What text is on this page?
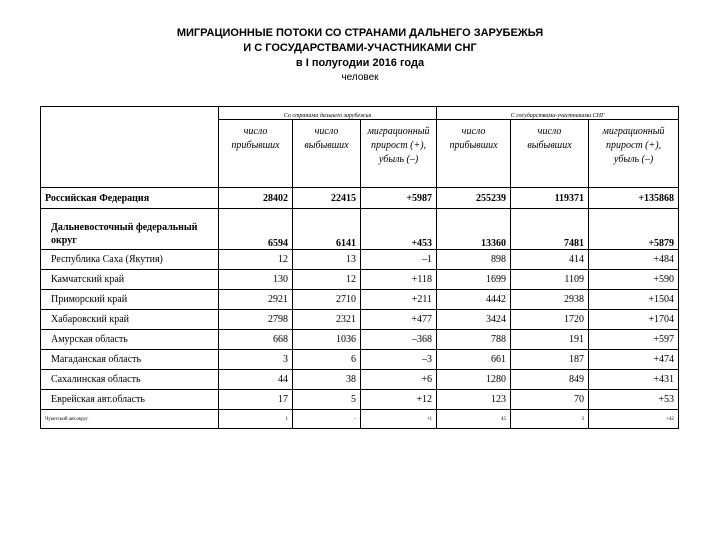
МИГРАЦИОННЫЕ ПОТОКИ СО СТРАНАМИ ДАЛЬНЕГО ЗАРУБЕЖЬЯ
И С ГОСУДАРСТВАМИ-УЧАСТНИКАМИ СНГ
в I полугодии 2016 года
человек
	Со странами дальнего зарубежья			С государствами-участниками СНГ		
	число прибывших	число выбывших	миграционный прирост (+), убыль (–)	число прибывших	число выбывших	миграционный прирост (+), убыль (–)
Российская Федерация	28402	22415	+5987	255239	119371	+135868
Дальневосточный федеральный округ	6594	6141	+453	13360	7481	+5879
Республика Саха (Якутия)	12	13	–1	898	414	+484
Камчатский край	130	12	+118	1699	1109	+590
Приморский край	2921	2710	+211	4442	2938	+1504
Хабаровский край	2798	2321	+477	3424	1720	+1704
Амурская область	668	1036	–368	788	191	+597
Магаданская область	3	6	–3	661	187	+474
Сахалинская область	44	38	+6	1280	849	+431
Еврейская авт.область	17	5	+12	123	70	+53
Чукотский авт.округ	1	-	+1	45	3	+42
